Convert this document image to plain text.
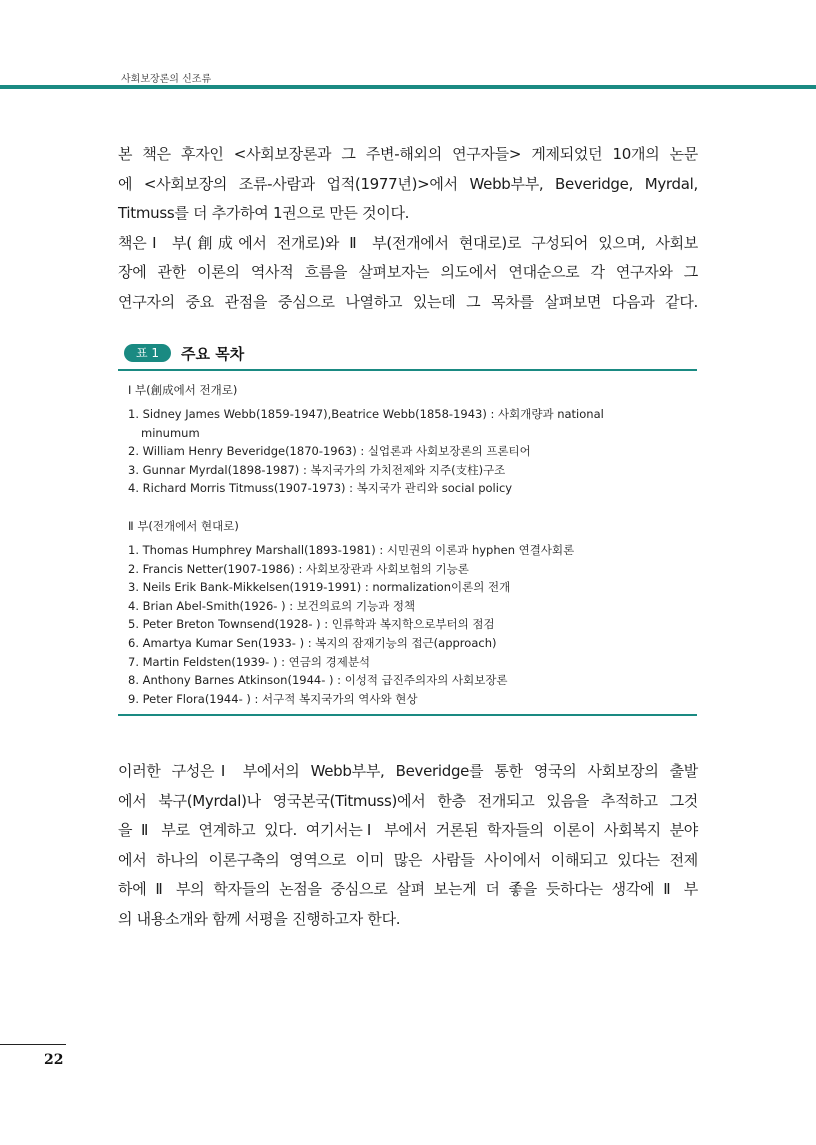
사회보장론의 신조류
본 책은 후자인 <사회보장론과 그 주변-해외의 연구자들> 게제되었던 10개의 논문
에 <사회보장의 조류-사람과 업적(1977년)>에서 Webb부부, Beveridge, Myrdal,
Titmuss를 더 추가하여 1권으로 만든 것이다.
책은Ⅰ 부(創成에서 전개로)와 Ⅱ 부(전개에서 현대로)로 구성되어 있으며, 사회보
장에 관한 이론의 역사적 흐름을 살펴보자는 의도에서 연대순으로 각 연구자와 그
연구자의 중요 관점을 중심으로 나열하고 있는데 그 목차를 살펴보면 다음과 같다.
표 1	주요 목차

Ⅰ 부(創成에서 전개로)

1. Sidney James Webb(1859-1947),Beatrice Webb(1858-1943) : 사회개량과 national minumum
2. William Henry Beveridge(1870-1963) : 실업론과 사회보장론의 프론티어
3. Gunnar Myrdal(1898-1987) : 복지국가의 가치전제와 지주(支柱)구조
4. Richard Morris Titmuss(1907-1973) : 복지국가 관리와 social policy

Ⅱ 부(전개에서 현대로)

1. Thomas Humphrey Marshall(1893-1981) : 시민권의 이론과 hyphen 연결사회론
2. Francis Netter(1907-1986) : 사회보장관과 사회보험의 기능론
3. Neils Erik Bank-Mikkelsen(1919-1991) : normalization이론의 전개
4. Brian Abel-Smith(1926- ) : 보건의료의 기능과 정책
5. Peter Breton Townsend(1928- ) : 인류학과 복지학으로부터의 점검
6. Amartya Kumar Sen(1933- ) : 복지의 잠재기능의 접근(approach)
7. Martin Feldsten(1939- ) : 연금의 경제분석
8. Anthony Barnes Atkinson(1944- ) : 이성적 급진주의자의 사회보장론
9. Peter Flora(1944- ) : 서구적 복지국가의 역사와 현상
이러한 구성은Ⅰ 부에서의 Webb부부, Beveridge를 통한 영국의 사회보장의 출발
에서 북구(Myrdal)나 영국본국(Titmuss)에서 한층 전개되고 있음을 추적하고 그것
을 Ⅱ 부로 연계하고 있다. 여기서는Ⅰ 부에서 거론된 학자들의 이론이 사회복지 분야
에서 하나의 이론구축의 영역으로 이미 많은 사람들 사이에서 이해되고 있다는 전제
하에 Ⅱ 부의 학자들의 논점을 중심으로 살펴 보는게 더 좋을 듯하다는 생각에 Ⅱ 부
의 내용소개와 함께 서평을 진행하고자 한다.
22
